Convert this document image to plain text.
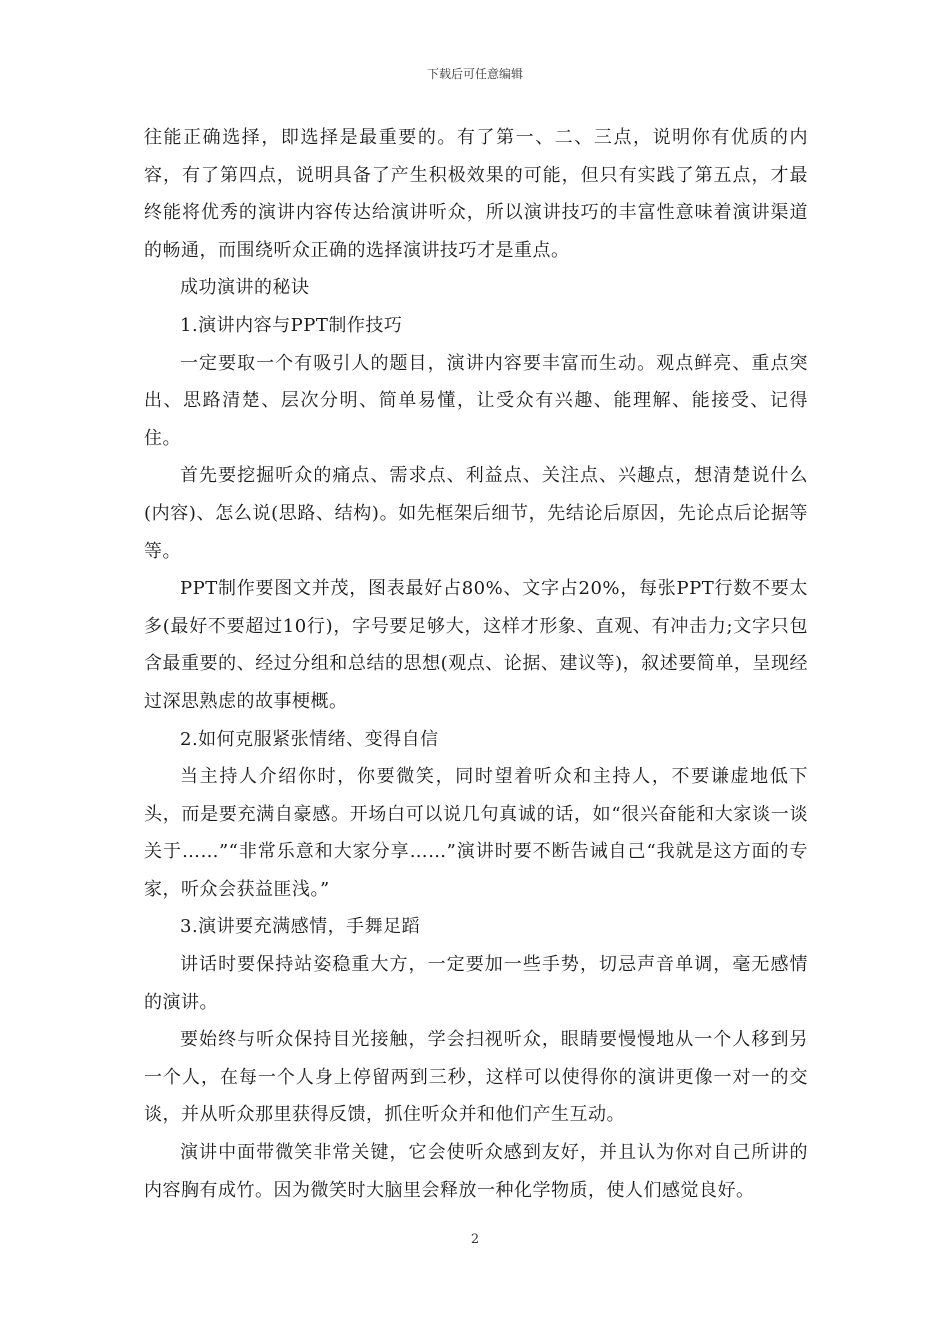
下载后可任意编辑

往能正确选择，即选择是最重要的。有了第一、二、三点，说明你有优质的内容，有了第四点，说明具备了产生积极效果的可能，但只有实践了第五点，才最终能将优秀的演讲内容传达给演讲听众，所以演讲技巧的丰富性意味着演讲渠道的畅通，而围绕听众正确的选择演讲技巧才是重点。

成功演讲的秘诀

1.演讲内容与PPT制作技巧

一定要取一个有吸引人的题目，演讲内容要丰富而生动。观点鲜亮、重点突出、思路清楚、层次分明、简单易懂，让受众有兴趣、能理解、能接受、记得住。

首先要挖掘听众的痛点、需求点、利益点、关注点、兴趣点，想清楚说什么(内容)、怎么说(思路、结构)。如先框架后细节，先结论后原因，先论点后论据等等。

PPT制作要图文并茂，图表最好占80%、文字占20%，每张PPT行数不要太多(最好不要超过10行)，字号要足够大，这样才形象、直观、有冲击力;文字只包含最重要的、经过分组和总结的思想(观点、论据、建议等)，叙述要简单，呈现经过深思熟虑的故事梗概。

2.如何克服紧张情绪、变得自信

当主持人介绍你时，你要微笑，同时望着听众和主持人，不要谦虚地低下头，而是要充满自豪感。开场白可以说几句真诚的话，如“很兴奋能和大家谈一谈关于……”“非常乐意和大家分享……”演讲时要不断告诫自己“我就是这方面的专家，听众会获益匪浅。”

3.演讲要充满感情，手舞足蹈

讲话时要保持站姿稳重大方，一定要加一些手势，切忌声音单调，毫无感情的演讲。

要始终与听众保持目光接触，学会扫视听众，眼睛要慢慢地从一个人移到另一个人，在每一个人身上停留两到三秒，这样可以使得你的演讲更像一对一的交谈，并从听众那里获得反馈，抓住听众并和他们产生互动。

演讲中面带微笑非常关键，它会使听众感到友好，并且认为你对自己所讲的内容胸有成竹。因为微笑时大脑里会释放一种化学物质，使人们感觉良好。

2
